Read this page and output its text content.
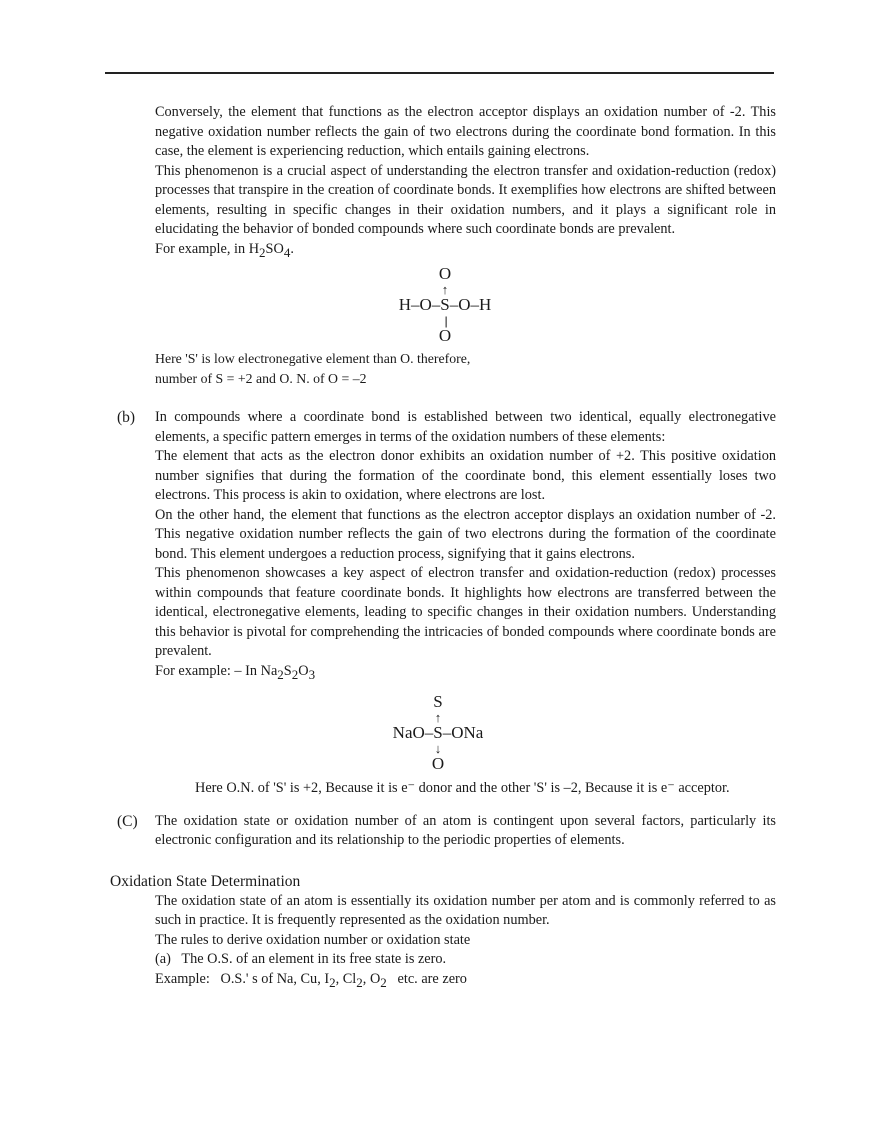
Conversely, the element that functions as the electron acceptor displays an oxidation number of -2. This negative oxidation number reflects the gain of two electrons during the coordinate bond formation. In this case, the element is experiencing reduction, which entails gaining electrons.

This phenomenon is a crucial aspect of understanding the electron transfer and oxidation-reduction (redox) processes that transpire in the creation of coordinate bonds. It exemplifies how electrons are shifted between elements, resulting in specific changes in their oxidation numbers, and it plays a significant role in elucidating the behavior of bonded compounds where such coordinate bonds are prevalent.

For example, in $H_2SO_4$.

O
↑
H–O–S–O–H
O
Here 'S' is low electronegative element than O. therefore,
number of S = +2 and O. N. of O = –2
(b)	In compounds where a coordinate bond is established between two identical, equally electronegative elements, a specific pattern emerges in terms of the oxidation numbers of these elements:

The element that acts as the electron donor exhibits an oxidation number of +2. This positive oxidation number signifies that during the formation of the coordinate bond, this element essentially loses two electrons. This process is akin to oxidation, where electrons are lost.

On the other hand, the element that functions as the electron acceptor displays an oxidation number of -2. This negative oxidation number reflects the gain of two electrons during the formation of the coordinate bond. This element undergoes a reduction process, signifying that it gains electrons.

This phenomenon showcases a key aspect of electron transfer and oxidation-reduction (redox) processes within compounds that feature coordinate bonds. It highlights how electrons are transferred between the identical, electronegative elements, leading to specific changes in their oxidation numbers. Understanding this behavior is pivotal for comprehending the intricacies of bonded compounds where coordinate bonds are prevalent.

For example: – In $Na_2S_2O_3$

S
↑
NaO–S–ONa
↓
O
Here O.N. of 'S' is +2, Because it is e⁻ donor and the other 'S' is –2, Because it is e⁻ acceptor.
(C)	The oxidation state or oxidation number of an atom is contingent upon several factors, particularly its electronic configuration and its relationship to the periodic properties of elements.

Oxidation State Determination

The oxidation state of an atom is essentially its oxidation number per atom and is commonly referred to as such in practice. It is frequently represented as the oxidation number.

The rules to derive oxidation number or oxidation state

(a)   The O.S. of an element in its free state is zero.

Example:   O.S.' s of Na, Cu, $I_2$, $Cl_2$, $O_2$   etc. are zero
